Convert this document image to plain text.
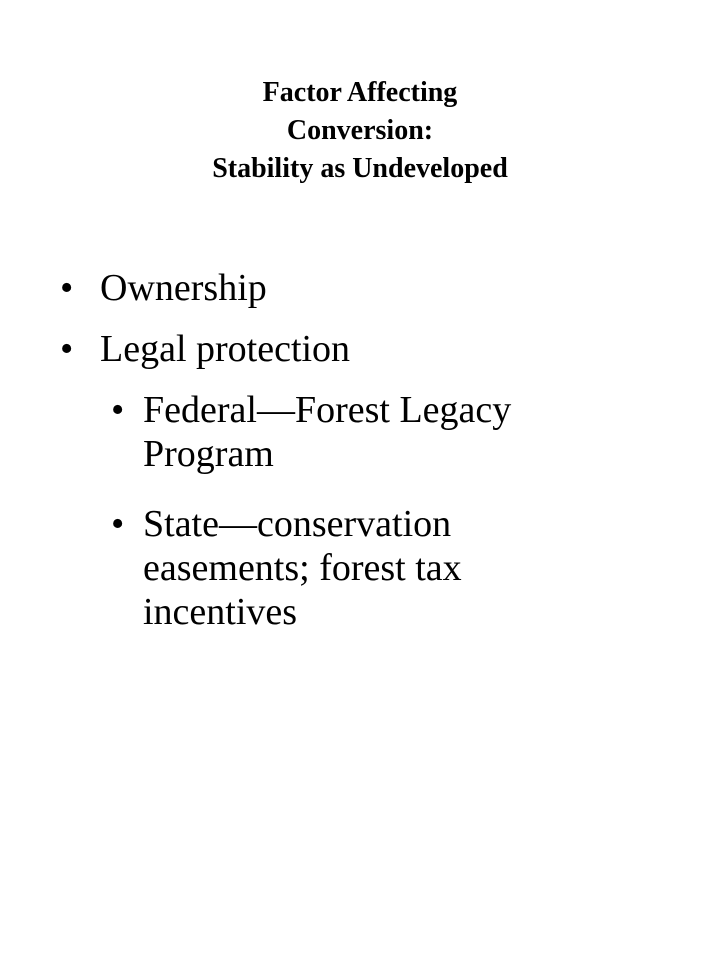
Factor Affecting
Conversion:
Stability as Undeveloped
• Ownership
• Legal protection
• Federal—Forest Legacy
Program
• State—conservation
easements; forest tax
incentives
